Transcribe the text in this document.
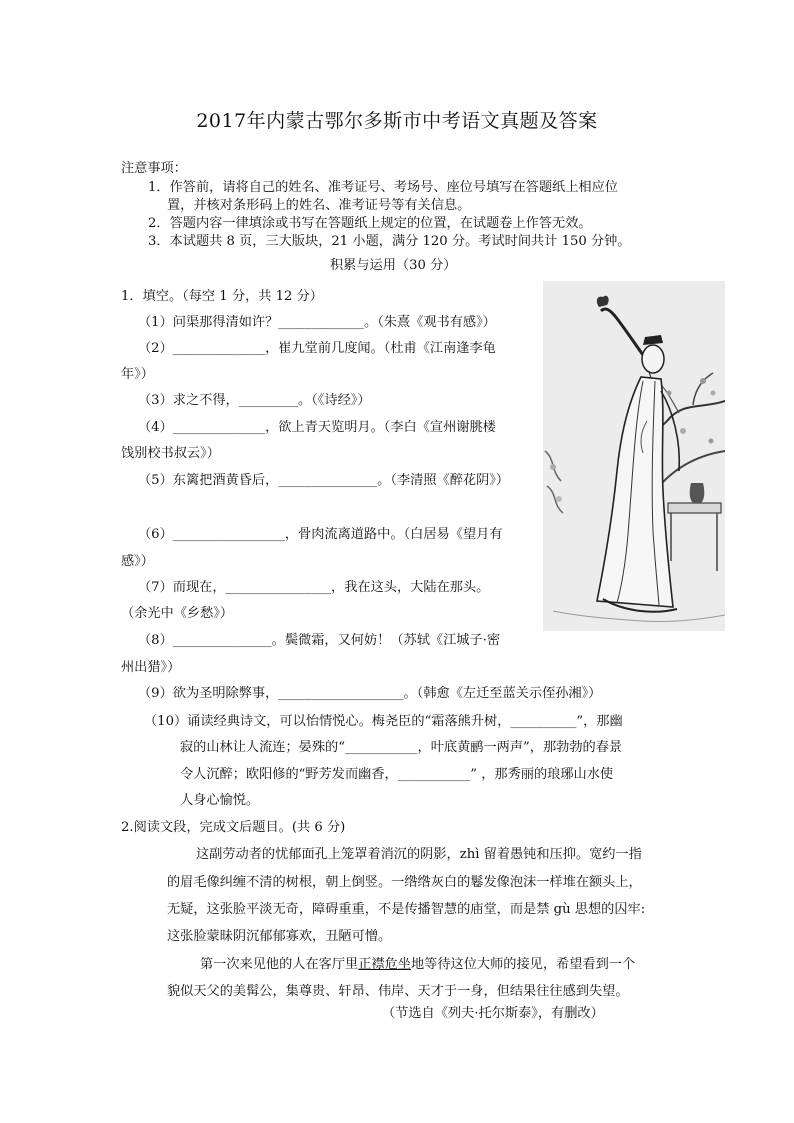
2017年内蒙古鄂尔多斯市中考语文真题及答案
注意事项：
1．作答前，请将自己的姓名、准考证号、考场号、座位号填写在答题纸上相应位
置，并核对条形码上的姓名、准考证号等有关信息。
2．答题内容一律填涂或书写在答题纸上规定的位置，在试题卷上作答无效。
3．本试题共 8 页，三大版块，21 小题，满分 120 分。考试时间共计 150 分钟。
积累与运用（30 分）
1．填空。（每空 1 分，共 12 分）
（1）问渠那得清如许？_____________。（朱熹《观书有感》）
（2）______________，崔九堂前几度闻。（杜甫《江南逢李龟
年》）
（3）求之不得，_________。（《诗经》）
（4）______________，欲上青天览明月。（李白《宣州谢朓楼
饯别校书叔云》）
（5）东篱把酒黄昏后，_______________。（李清照《醉花阴》）
（6）_________________，骨肉流离道路中。（白居易《望月有
感》）
（7）而现在，________________，我在这头，大陆在那头。
（余光中《乡愁》）
（8）_______________。鬓微霜，又何妨！（苏轼《江城子·密
州出猎》）
（9）欲为圣明除弊事，___________________。（韩愈《左迁至蓝关示侄孙湘》）
（10）诵读经典诗文，可以怡情悦心。梅尧臣的“霜落熊升树，__________”，那幽
寂的山林让人流连；晏殊的“___________，叶底黄鹂一两声”，那勃勃的春景
令人沉醉；欧阳修的“野芳发而幽香，___________” ，那秀丽的琅琊山水使
人身心愉悦。
2.阅读文段，完成文后题目。(共 6 分)
这副劳动者的忧郁面孔上笼罩着消沉的阴影，zhì 留着愚钝和压抑。宽约一指
的眉毛像纠缠不清的树根，朝上倒竖。一绺绺灰白的鬈发像泡沫一样堆在额头上，
无疑，这张脸平淡无奇，障碍重重，不是传播智慧的庙堂，而是禁 gù 思想的囚牢:
这张脸蒙昧阴沉郁郁寡欢，丑陋可憎。
第一次来见他的人在客厅里正襟危坐地等待这位大师的接见，希望看到一个
貌似天父的美髯公，集尊贵、轩昂、伟岸、天才于一身，但结果往往感到失望。
（节选自《列夫·托尔斯泰》，有删改）
